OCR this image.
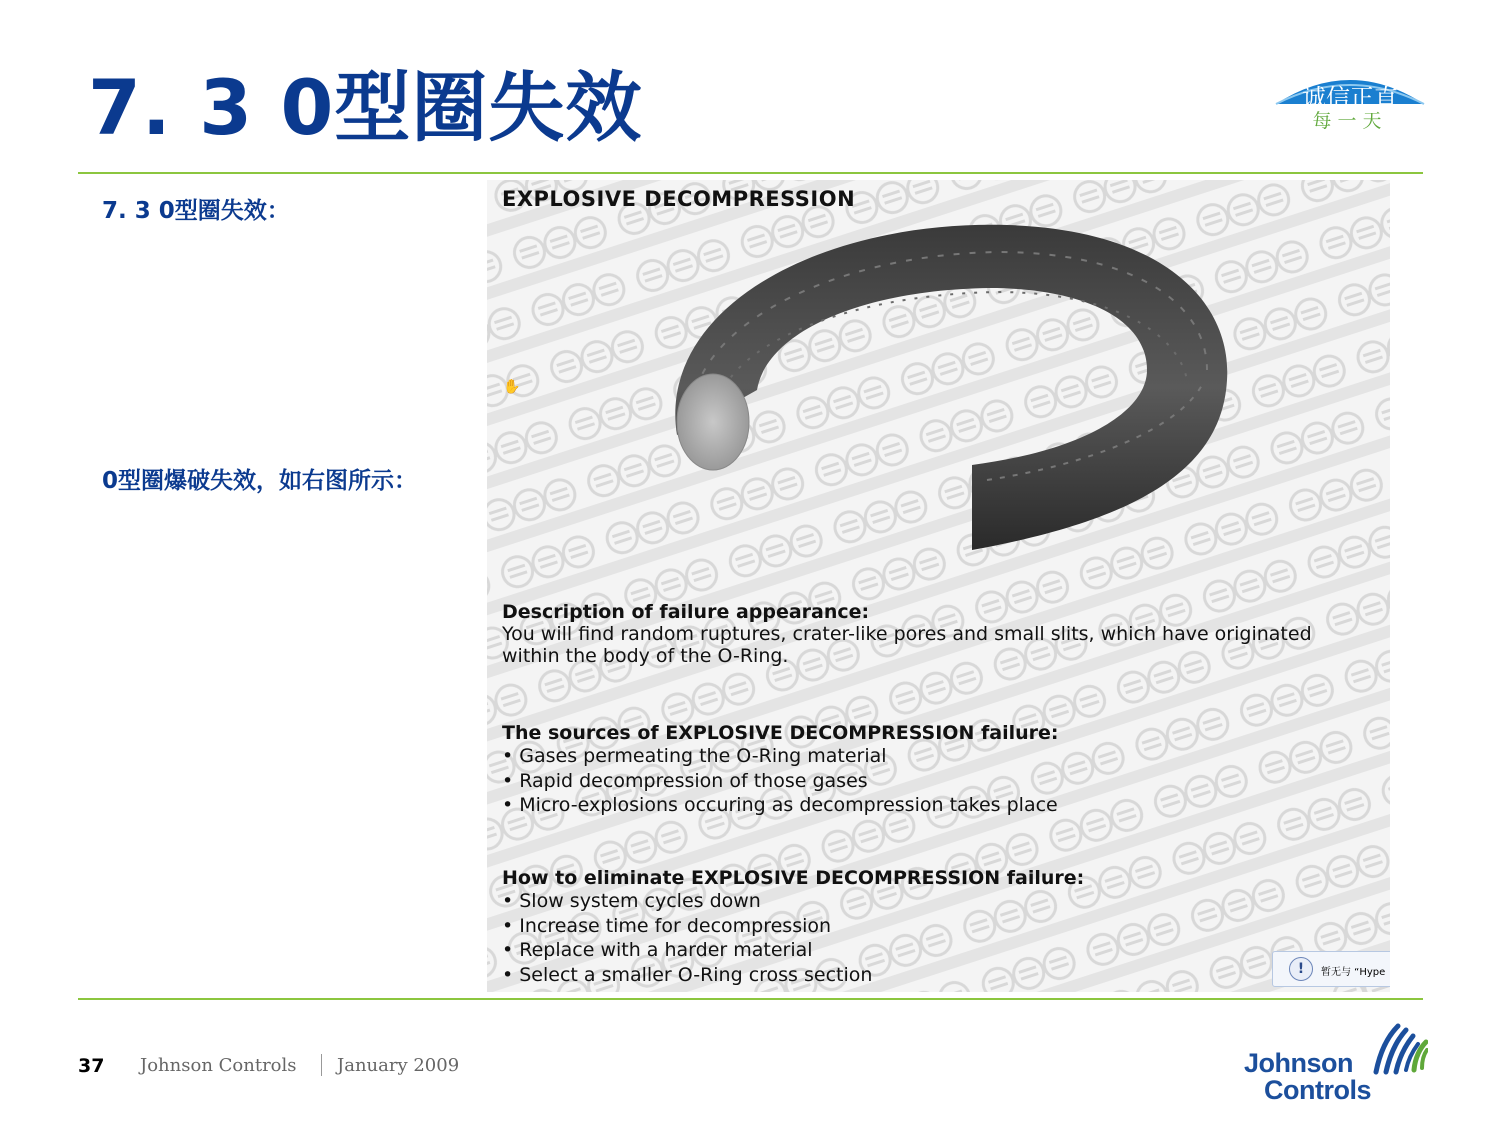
7. 3 0型圈失效	诚信正直
每一天
7. 3 0型圈失效：
0型圈爆破失效，如右图所示：
✋
EXPLOSIVE DECOMPRESSION
Description of failure appearance:
You will find random ruptures, crater-like pores and small slits, which have originated
within the body of the O-Ring.
The sources of EXPLOSIVE DECOMPRESSION failure:
• Gases permeating the O-Ring material
• Rapid decompression of those gases
• Micro-explosions occuring as decompression takes place
How to eliminate EXPLOSIVE DECOMPRESSION failure:
• Slow system cycles down
• Increase time for decompression
• Replace with a harder material
• Select a smaller O-Ring cross section	!	暂无与 “Hype
37 Johnson Controls January 2009	Johnson
Controls
